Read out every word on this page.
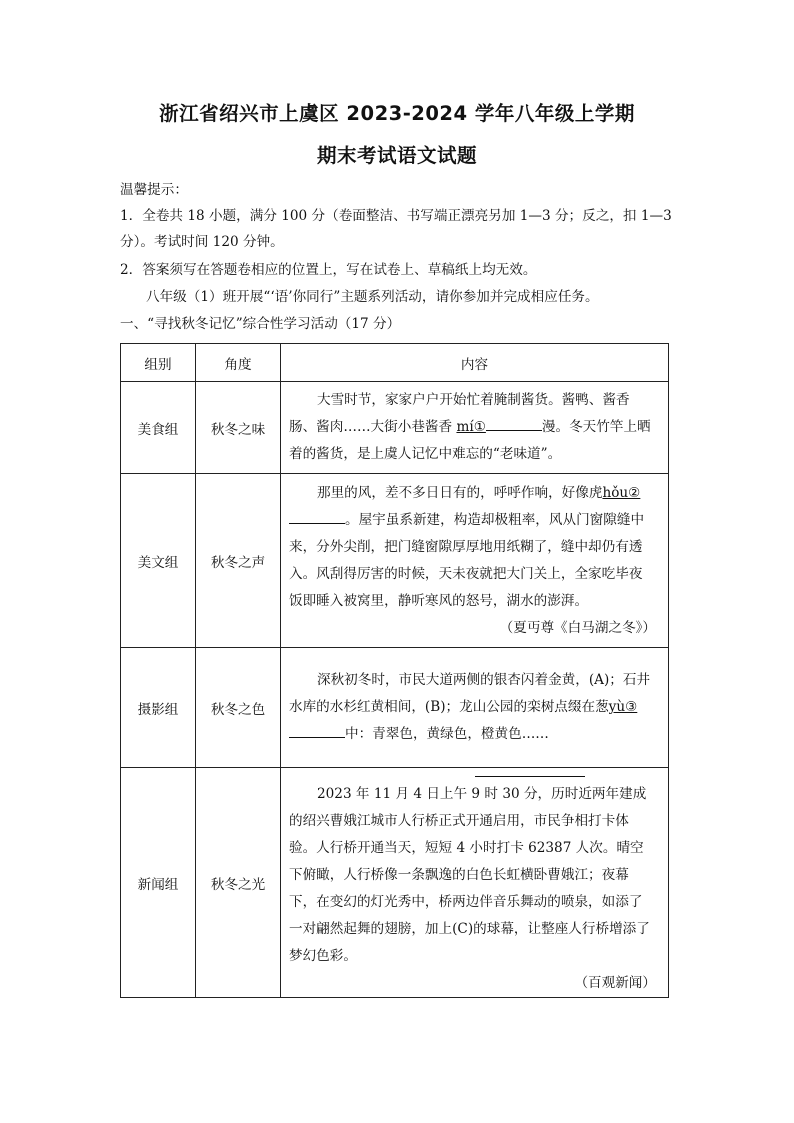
浙江省绍兴市上虞区 2023-2024 学年八年级上学期
期末考试语文试题
温馨提示：
1．全卷共 18 小题，满分 100 分（卷面整洁、书写端正漂亮另加 1—3 分；反之，扣 1—3
分）。考试时间 120 分钟。
2．答案须写在答题卷相应的位置上，写在试卷上、草稿纸上均无效。
八年级（1）班开展“‘语’你同行”主题系列活动，请你参加并完成相应任务。
一、“寻找秋冬记忆”综合性学习活动（17 分）
组别	角度	内容
美食组	秋冬之味	大雪时节，家家户户开始忙着腌制酱货。酱鸭、酱香肠、酱肉……大街小巷酱香 mí① 漫。冬天竹竿上晒着的酱货，是上虞人记忆中难忘的“老味道”。

美文组	秋冬之声	那里的风，差不多日日有的，呼呼作响，好像虎hǒu②。屋宇虽系新建，构造却极粗率，风从门窗隙缝中来，分外尖削，把门缝窗隙厚厚地用纸糊了，缝中却仍有透入。风刮得厉害的时候，天未夜就把大门关上，全家吃毕夜饭即睡入被窝里，静听寒风的怒号，湖水的澎湃。

（夏丏尊《白马湖之冬》）

摄影组	秋冬之色	深秋初冬时，市民大道两侧的银杏闪着金黄，(A)；石井水库的水杉红黄相间，(B)；龙山公园的栾树点缀在葱yù③

中：青翠色，黄绿色，橙黄色……

新闻组	秋冬之光	2023 年 11 月 4 日上午 9 时 30 分，历时近两年建成的绍兴曹娥江城市人行桥正式开通启用，市民争相打卡体验。人行桥开通当天，短短 4 小时打卡 62387 人次。晴空下俯瞰，人行桥像一条飘逸的白色长虹横卧曹娥江；夜幕下，在变幻的灯光秀中，桥两边伴音乐舞动的喷泉，如添了一对翩然起舞的翅膀，加上(C)的球幕，让整座人行桥增添了梦幻色彩。

（百观新闻）
